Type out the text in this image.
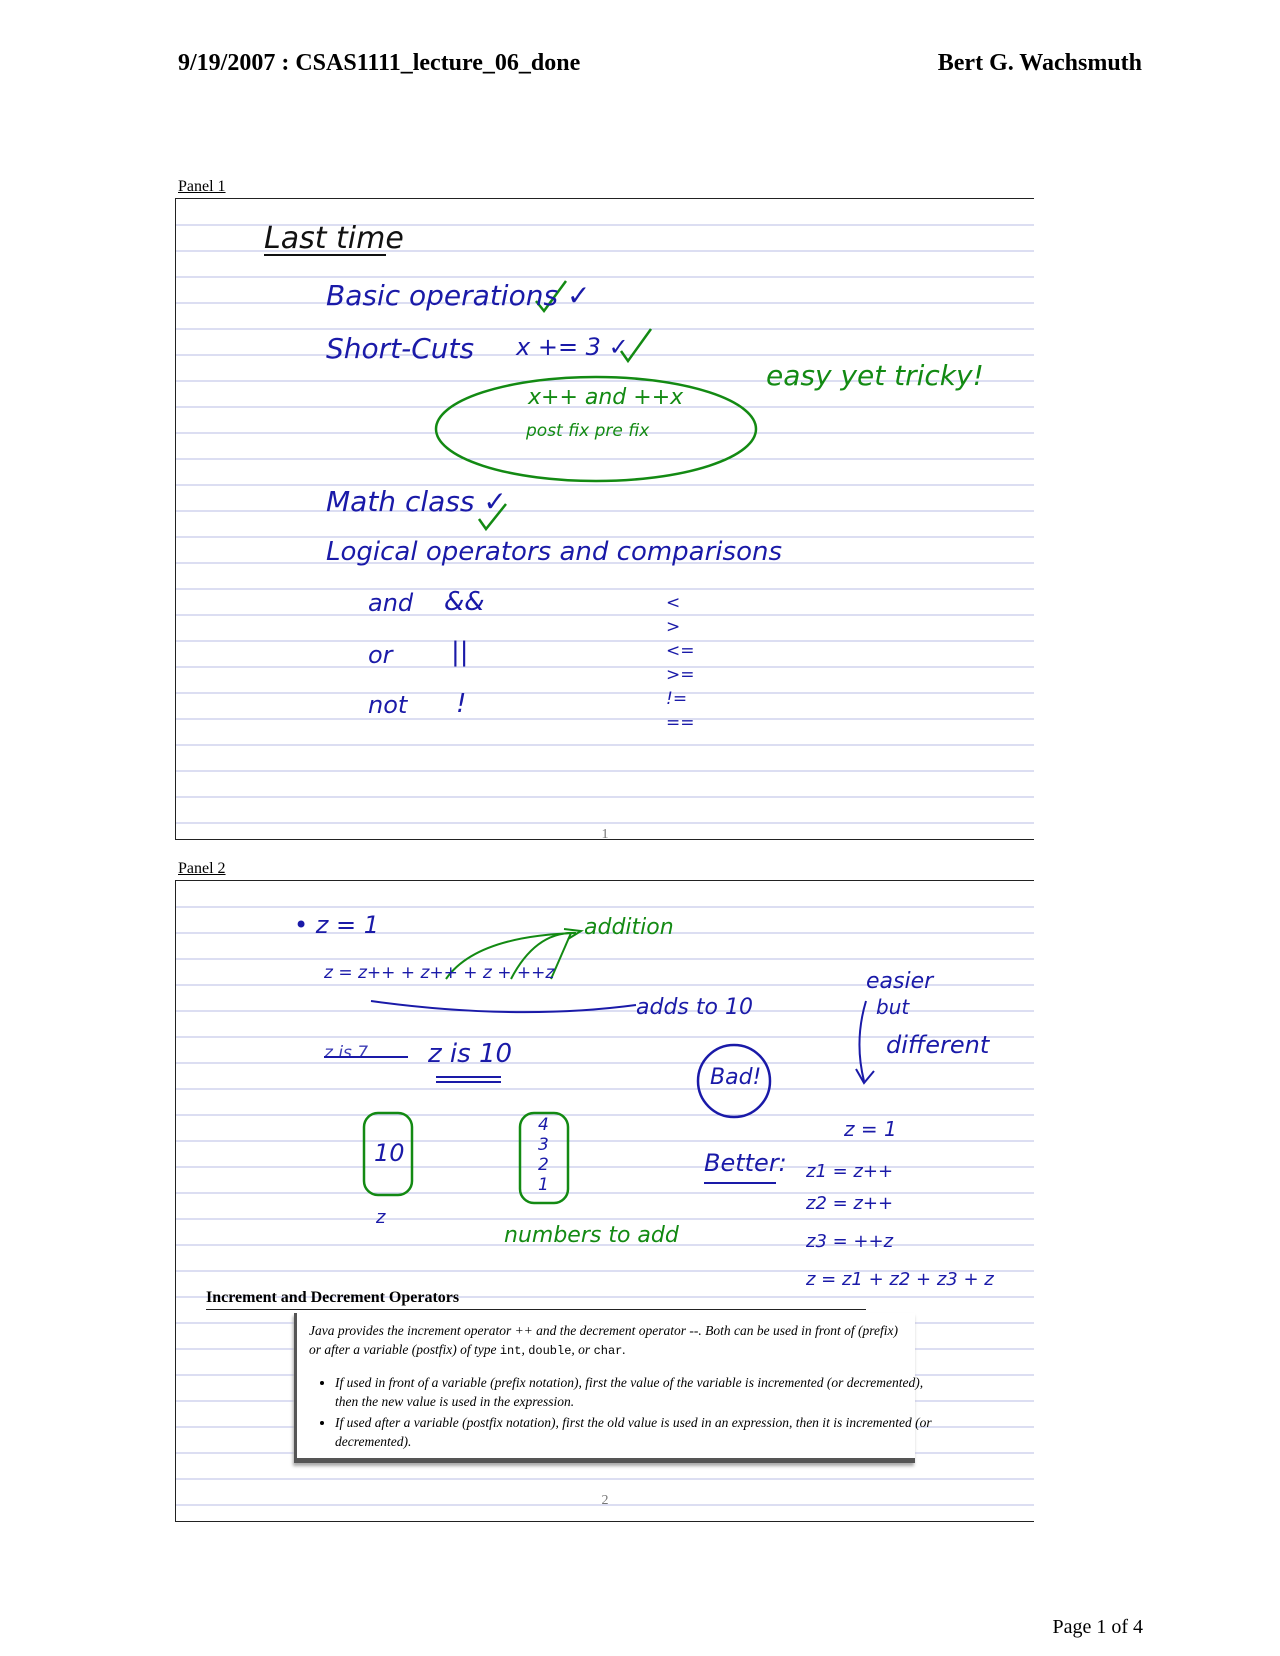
9/19/2007 : CSAS1111_lecture_06_done	Bert G. Wachsmuth
Panel 1
Last time
Basic operations ✓
Short-Cuts x += 3 ✓
easy yet tricky!
x++ and ++x
post fix pre fix
Math class ✓
Logical operators and comparisons
and &&
or ||
not !
<
>
<=
>=
!=
==
1
Panel 2
• z = 1	addition
z = z++ + z++ + z + ++z
adds to 10
z is 7 z is 10
10
z
4
3
2
1
numbers to add
Bad!
Better:
easier
but
different
z = 1
z1 = z++
z2 = z++
z3 = ++z
z = z1 + z2 + z3 + z
Increment and Decrement Operators
Java provides the increment operator ++ and the decrement operator --. Both can be used in front of (prefix) or after a variable (postfix) of type int, double, or char.
• If used in front of a variable (prefix notation), first the value of the variable is incremented (or decremented), then the new value is used in the expression.
• If used after a variable (postfix notation), first the old value is used in an expression, then it is incremented (or decremented).
2
Page 1 of 4
